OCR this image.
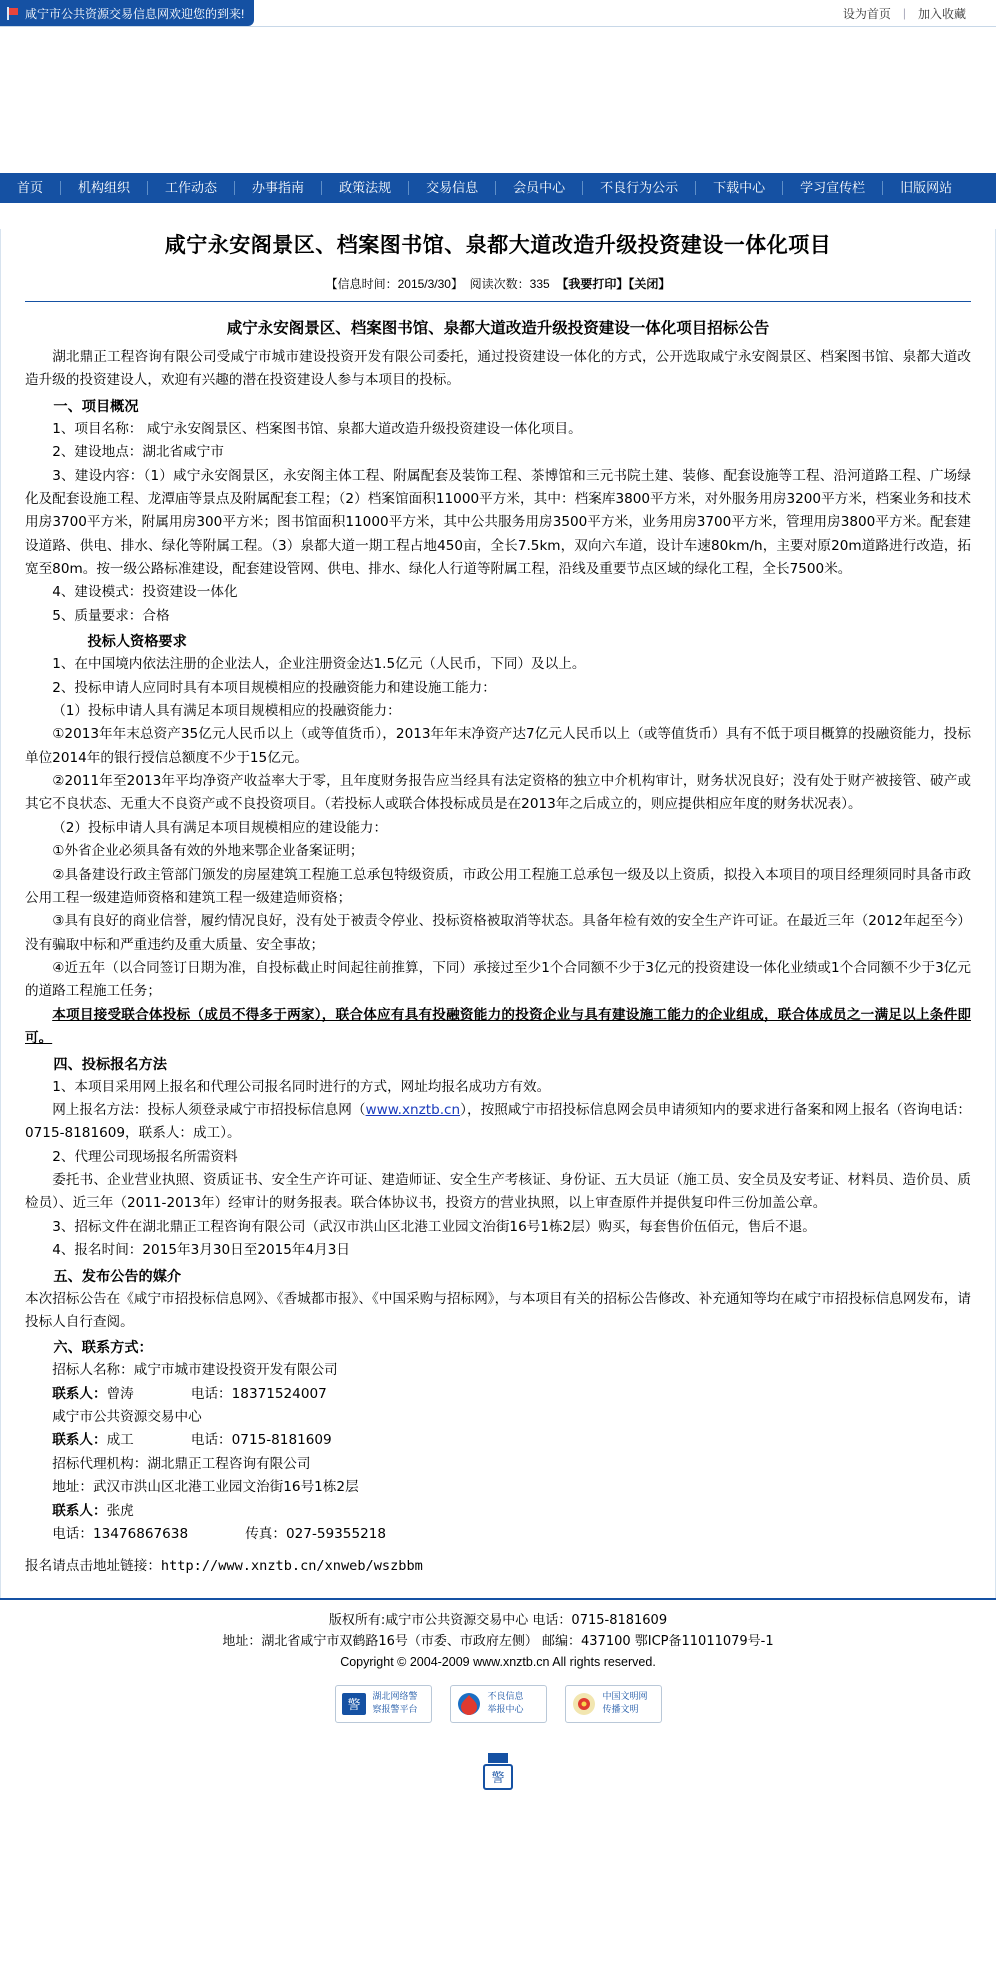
咸宁市公共资源交易信息网欢迎您的到来!	设为首页	|	加入收藏
首页	机构组织	工作动态	办事指南	政策法规	交易信息	会员中心	不良行为公示	下载中心	学习宣传栏	旧版网站
咸宁永安阁景区、档案图书馆、泉都大道改造升级投资建设一体化项目
【信息时间：2015/3/30】  阅读次数：335 【我要打印】【关闭】
咸宁永安阁景区、档案图书馆、泉都大道改造升级投资建设一体化项目招标公告

湖北鼎正工程咨询有限公司受咸宁市城市建设投资开发有限公司委托，通过投资建设一体化的方式，公开选取咸宁永安阁景区、档案图书馆、泉都大道改造升级的投资建设人，欢迎有兴趣的潜在投资建设人参与本项目的投标。

一、项目概况

1、项目名称： 咸宁永安阁景区、档案图书馆、泉都大道改造升级投资建设一体化项目。

2、建设地点：湖北省咸宁市

3、建设内容：（1）咸宁永安阁景区，永安阁主体工程、附属配套及装饰工程、茶博馆和三元书院土建、装修、配套设施等工程、沿河道路工程、广场绿化及配套设施工程、龙潭庙等景点及附属配套工程；（2）档案馆面积11000平方米，其中：档案库3800平方米，对外服务用房3200平方米，档案业务和技术用房3700平方米，附属用房300平方米；图书馆面积11000平方米，其中公共服务用房3500平方米，业务用房3700平方米，管理用房3800平方米。配套建设道路、供电、排水、绿化等附属工程。（3）泉都大道一期工程占地450亩，全长7.5km，双向六车道，设计车速80km/h，主要对原20m道路进行改造，拓宽至80m。按一级公路标准建设，配套建设管网、供电、排水、绿化人行道等附属工程，沿线及重要节点区域的绿化工程，全长7500米。

4、建设模式：投资建设一体化

5、质量要求：合格

投标人资格要求

1、在中国境内依法注册的企业法人，企业注册资金达1.5亿元（人民币，下同）及以上。

2、投标申请人应同时具有本项目规模相应的投融资能力和建设施工能力：

（1）投标申请人具有满足本项目规模相应的投融资能力：

①2013年年末总资产35亿元人民币以上（或等值货币），2013年年末净资产达7亿元人民币以上（或等值货币）具有不低于项目概算的投融资能力，投标单位2014年的银行授信总额度不少于15亿元。

②2011年至2013年平均净资产收益率大于零，且年度财务报告应当经具有法定资格的独立中介机构审计，财务状况良好；没有处于财产被接管、破产或其它不良状态、无重大不良资产或不良投资项目。（若投标人或联合体投标成员是在2013年之后成立的，则应提供相应年度的财务状况表）。

（2）投标申请人具有满足本项目规模相应的建设能力：

①外省企业必须具备有效的外地来鄂企业备案证明；

②具备建设行政主管部门颁发的房屋建筑工程施工总承包特级资质，市政公用工程施工总承包一级及以上资质，拟投入本项目的项目经理须同时具备市政公用工程一级建造师资格和建筑工程一级建造师资格；

③具有良好的商业信誉，履约情况良好，没有处于被责令停业、投标资格被取消等状态。具备年检有效的安全生产许可证。在最近三年（2012年起至今）没有骗取中标和严重违约及重大质量、安全事故；

④近五年（以合同签订日期为准，自投标截止时间起往前推算，下同）承接过至少1个合同额不少于3亿元的投资建设一体化业绩或1个合同额不少于3亿元的道路工程施工任务；

本项目接受联合体投标（成员不得多于两家），联合体应有具有投融资能力的投资企业与具有建设施工能力的企业组成，联合体成员之一满足以上条件即可。

四、投标报名方法

1、本项目采用网上报名和代理公司报名同时进行的方式，网址均报名成功方有效。

网上报名方法：投标人须登录咸宁市招投标信息网（www.xnztb.cn），按照咸宁市招投标信息网会员申请须知内的要求进行备案和网上报名（咨询电话：0715-8181609，联系人：成工）。

2、代理公司现场报名所需资料

委托书、企业营业执照、资质证书、安全生产许可证、建造师证、安全生产考核证、身份证、五大员证（施工员、安全员及安考证、材料员、造价员、质检员）、近三年（2011-2013年）经审计的财务报表。联合体协议书，投资方的营业执照，以上审查原件并提供复印件三份加盖公章。

3、招标文件在湖北鼎正工程咨询有限公司（武汉市洪山区北港工业园文治街16号1栋2层）购买，每套售价伍佰元，售后不退。

4、报名时间：2015年3月30日至2015年4月3日

五、发布公告的媒介

本次招标公告在《咸宁市招投标信息网》、《香城都市报》、《中国采购与招标网》，与本项目有关的招标公告修改、补充通知等均在咸宁市招投标信息网发布，请投标人自行查阅。

六、联系方式：
招标人名称：咸宁市城市建设投资开发有限公司
联系人：曾涛	电话：18371524007
咸宁市公共资源交易中心
联系人：成工	电话：0715-8181609
招标代理机构：湖北鼎正工程咨询有限公司
地址：武汉市洪山区北港工业园文治街16号1栋2层
联系人：张虎
电话：13476867638	传真：027-59355218
报名请点击地址链接：http://www.xnztb.cn/xnweb/wszbbm
版权所有:咸宁市公共资源交易中心 电话：0715-8181609
地址：湖北省咸宁市双鹤路16号（市委、市政府左侧） 邮编：437100 鄂ICP备11011079号-1
Copyright © 2004-2009 www.xnztb.cn All rights reserved.
警
湖北网络警
察报警平台
不良信息
举报中心
中国文明网
传播文明
警
